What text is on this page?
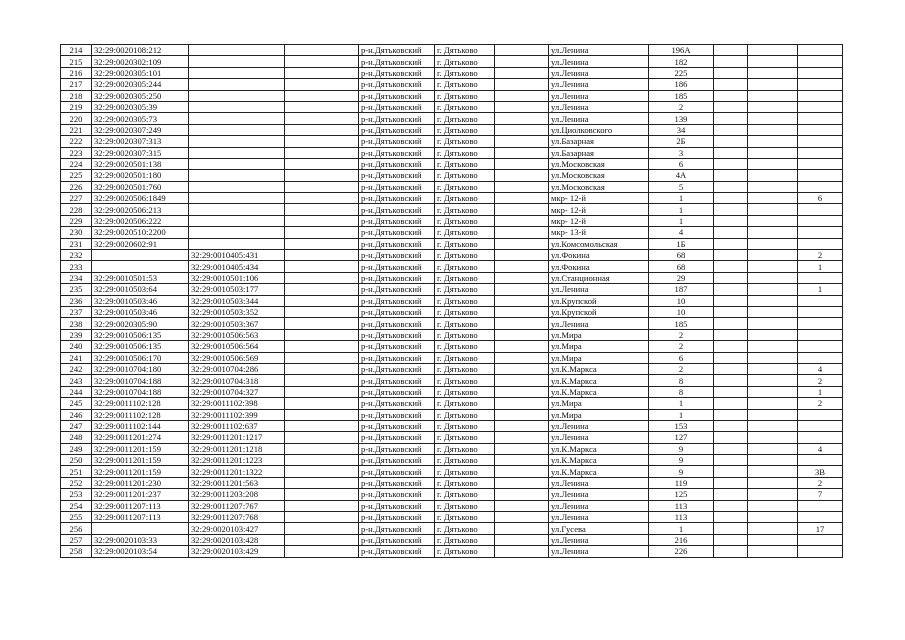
214	32:29:0020108:212			р-н.Дятьковский	г. Дятьково		ул.Ленина	196А			
215	32:29:0020302:109			р-н.Дятьковский	г. Дятьково		ул.Ленина	182			
216	32:29:0020305:101			р-н.Дятьковский	г. Дятьково		ул.Ленина	225			
217	32:29:0020305:244			р-н.Дятьковский	г. Дятьково		ул.Ленина	186			
218	32:29:0020305:250			р-н.Дятьковский	г. Дятьково		ул.Ленина	185			
219	32:29:0020305:39			р-н.Дятьковский	г. Дятьково		ул.Ленина	2			
220	32:29:0020305:73			р-н.Дятьковский	г. Дятьково		ул.Ленина	139			
221	32:29:0020307:249			р-н.Дятьковский	г. Дятьково		ул.Циолковского	34			
222	32:29:0020307:313			р-н.Дятьковский	г. Дятьково		ул.Базарная	2Б			
223	32:29:0020307:315			р-н.Дятьковский	г. Дятьково		ул.Базарная	3			
224	32:29:0020501:138			р-н.Дятьковский	г. Дятьково		ул.Московская	6			
225	32:29:0020501:180			р-н.Дятьковский	г. Дятьково		ул.Московская	4А			
226	32:29:0020501:760			р-н.Дятьковский	г. Дятьково		ул.Московская	5			
227	32:29:0020506:1849			р-н.Дятьковский	г. Дятьково		мкр- 12-й	1			6
228	32:29:0020506:213			р-н.Дятьковский	г. Дятьково		мкр- 12-й	1			
229	32:29:0020506:222			р-н.Дятьковский	г. Дятьково		мкр- 12-й	1			
230	32:29:0020510:2200			р-н.Дятьковский	г. Дятьково		мкр- 13-й	4			
231	32:29:0020602:91			р-н.Дятьковский	г. Дятьково		ул.Комсомольская	1Б			
232		32:29:0010405:431		р-н.Дятьковский	г. Дятьково		ул.Фокина	68			2
233		32:29:0010405:434		р-н.Дятьковский	г. Дятьково		ул.Фокина	68			1
234	32:29:0010501:53	32:29:0010501:106		р-н.Дятьковский	г. Дятьково		ул.Станционная	29			
235	32:29:0010503:64	32:29:0010503:177		р-н.Дятьковский	г. Дятьково		ул.Ленина	187			1
236	32:29:0010503:46	32:29:0010503:344		р-н.Дятьковский	г. Дятьково		ул.Крупской	10			
237	32:29:0010503:46	32:29:0010503:352		р-н.Дятьковский	г. Дятьково		ул.Крупской	10			
238	32:29:0020305:90	32:29:0010503:367		р-н.Дятьковский	г. Дятьково		ул.Ленина	185			
239	32:29:0010506:135	32:29:0010506:563		р-н.Дятьковский	г. Дятьково		ул.Мира	2			
240	32:29:0010506:135	32:29:0010506:564		р-н.Дятьковский	г. Дятьково		ул.Мира	2			
241	32:29:0010506:170	32:29:0010506:569		р-н.Дятьковский	г. Дятьково		ул.Мира	6			
242	32:29:0010704:180	32:29:0010704:286		р-н.Дятьковский	г. Дятьково		ул.К.Маркса	2			4
243	32:29:0010704:188	32:29:0010704:318		р-н.Дятьковский	г. Дятьково		ул.К.Маркса	8			2
244	32:29:0010704:188	32:29:0010704:327		р-н.Дятьковский	г. Дятьково		ул.К.Маркса	8			1
245	32:29:0011102:128	32:29:0011102:398		р-н.Дятьковский	г. Дятьково		ул.Мира	1			2
246	32:29:0011102:128	32:29:0011102:399		р-н.Дятьковский	г. Дятьково		ул.Мира	1			
247	32:29:0011102:144	32:29:0011102:637		р-н.Дятьковский	г. Дятьково		ул.Ленина	153			
248	32:29:0011201:274	32:29:0011201:1217		р-н.Дятьковский	г. Дятьково		ул.Ленина	127			
249	32:29:0011201:159	32:29:0011201:1218		р-н.Дятьковский	г. Дятьково		ул.К.Маркса	9			4
250	32:29:0011201:159	32:29:0011201:1223		р-н.Дятьковский	г. Дятьково		ул.К.Маркса	9			
251	32:29:0011201:159	32:29:0011201:1322		р-н.Дятьковский	г. Дятьково		ул.К.Маркса	9			3В
252	32:29:0011201:230	32:29:0011201:563		р-н.Дятьковский	г. Дятьково		ул.Ленина	119			2
253	32:29:0011201:237	32:29:0011203:208		р-н.Дятьковский	г. Дятьково		ул.Ленина	125			7
254	32:29:0011207:113	32:29:0011207:767		р-н.Дятьковский	г. Дятьково		ул.Ленина	113			
255	32:29:0011207:113	32:29:0011207:768		р-н.Дятьковский	г. Дятьково		ул.Ленина	113			
256		32:29:0020103:427		р-н.Дятьковский	г. Дятьково		ул.Гусева	1			17
257	32:29:0020103:33	32:29:0020103:428		р-н.Дятьковский	г. Дятьково		ул.Ленина	216			
258	32:29:0020103:54	32:29:0020103:429		р-н.Дятьковский	г. Дятьково		ул.Ленина	226			
